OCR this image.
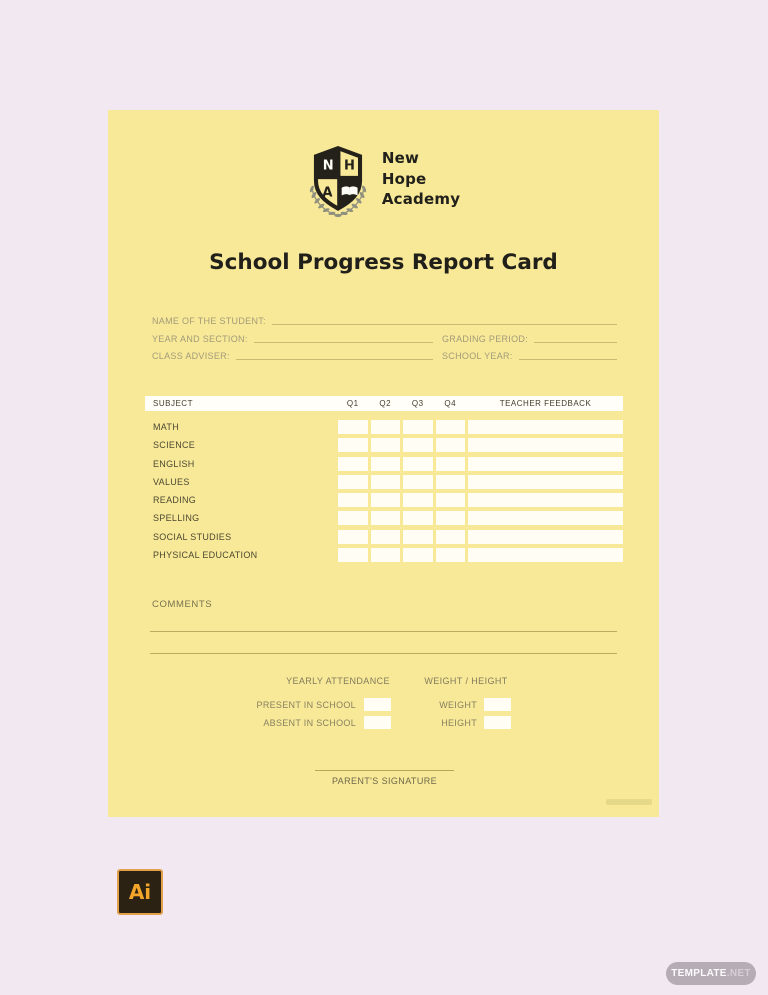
N H
A
New
Hope
Academy
School Progress Report Card
NAME OF THE STUDENT:
YEAR AND SECTION:	GRADING PERIOD:
CLASS ADVISER:	SCHOOL YEAR:
SUBJECT	Q1	Q2	Q3	Q4	TEACHER FEEDBACK
MATH
SCIENCE
ENGLISH
VALUES
READING
SPELLING
SOCIAL STUDIES
PHYSICAL EDUCATION
COMMENTS
YEARLY ATTENDANCE	WEIGHT / HEIGHT
PRESENT IN SCHOOL	WEIGHT
ABSENT IN SCHOOL	HEIGHT
PARENT'S SIGNATURE
Ai
TEMPLATE .NET
